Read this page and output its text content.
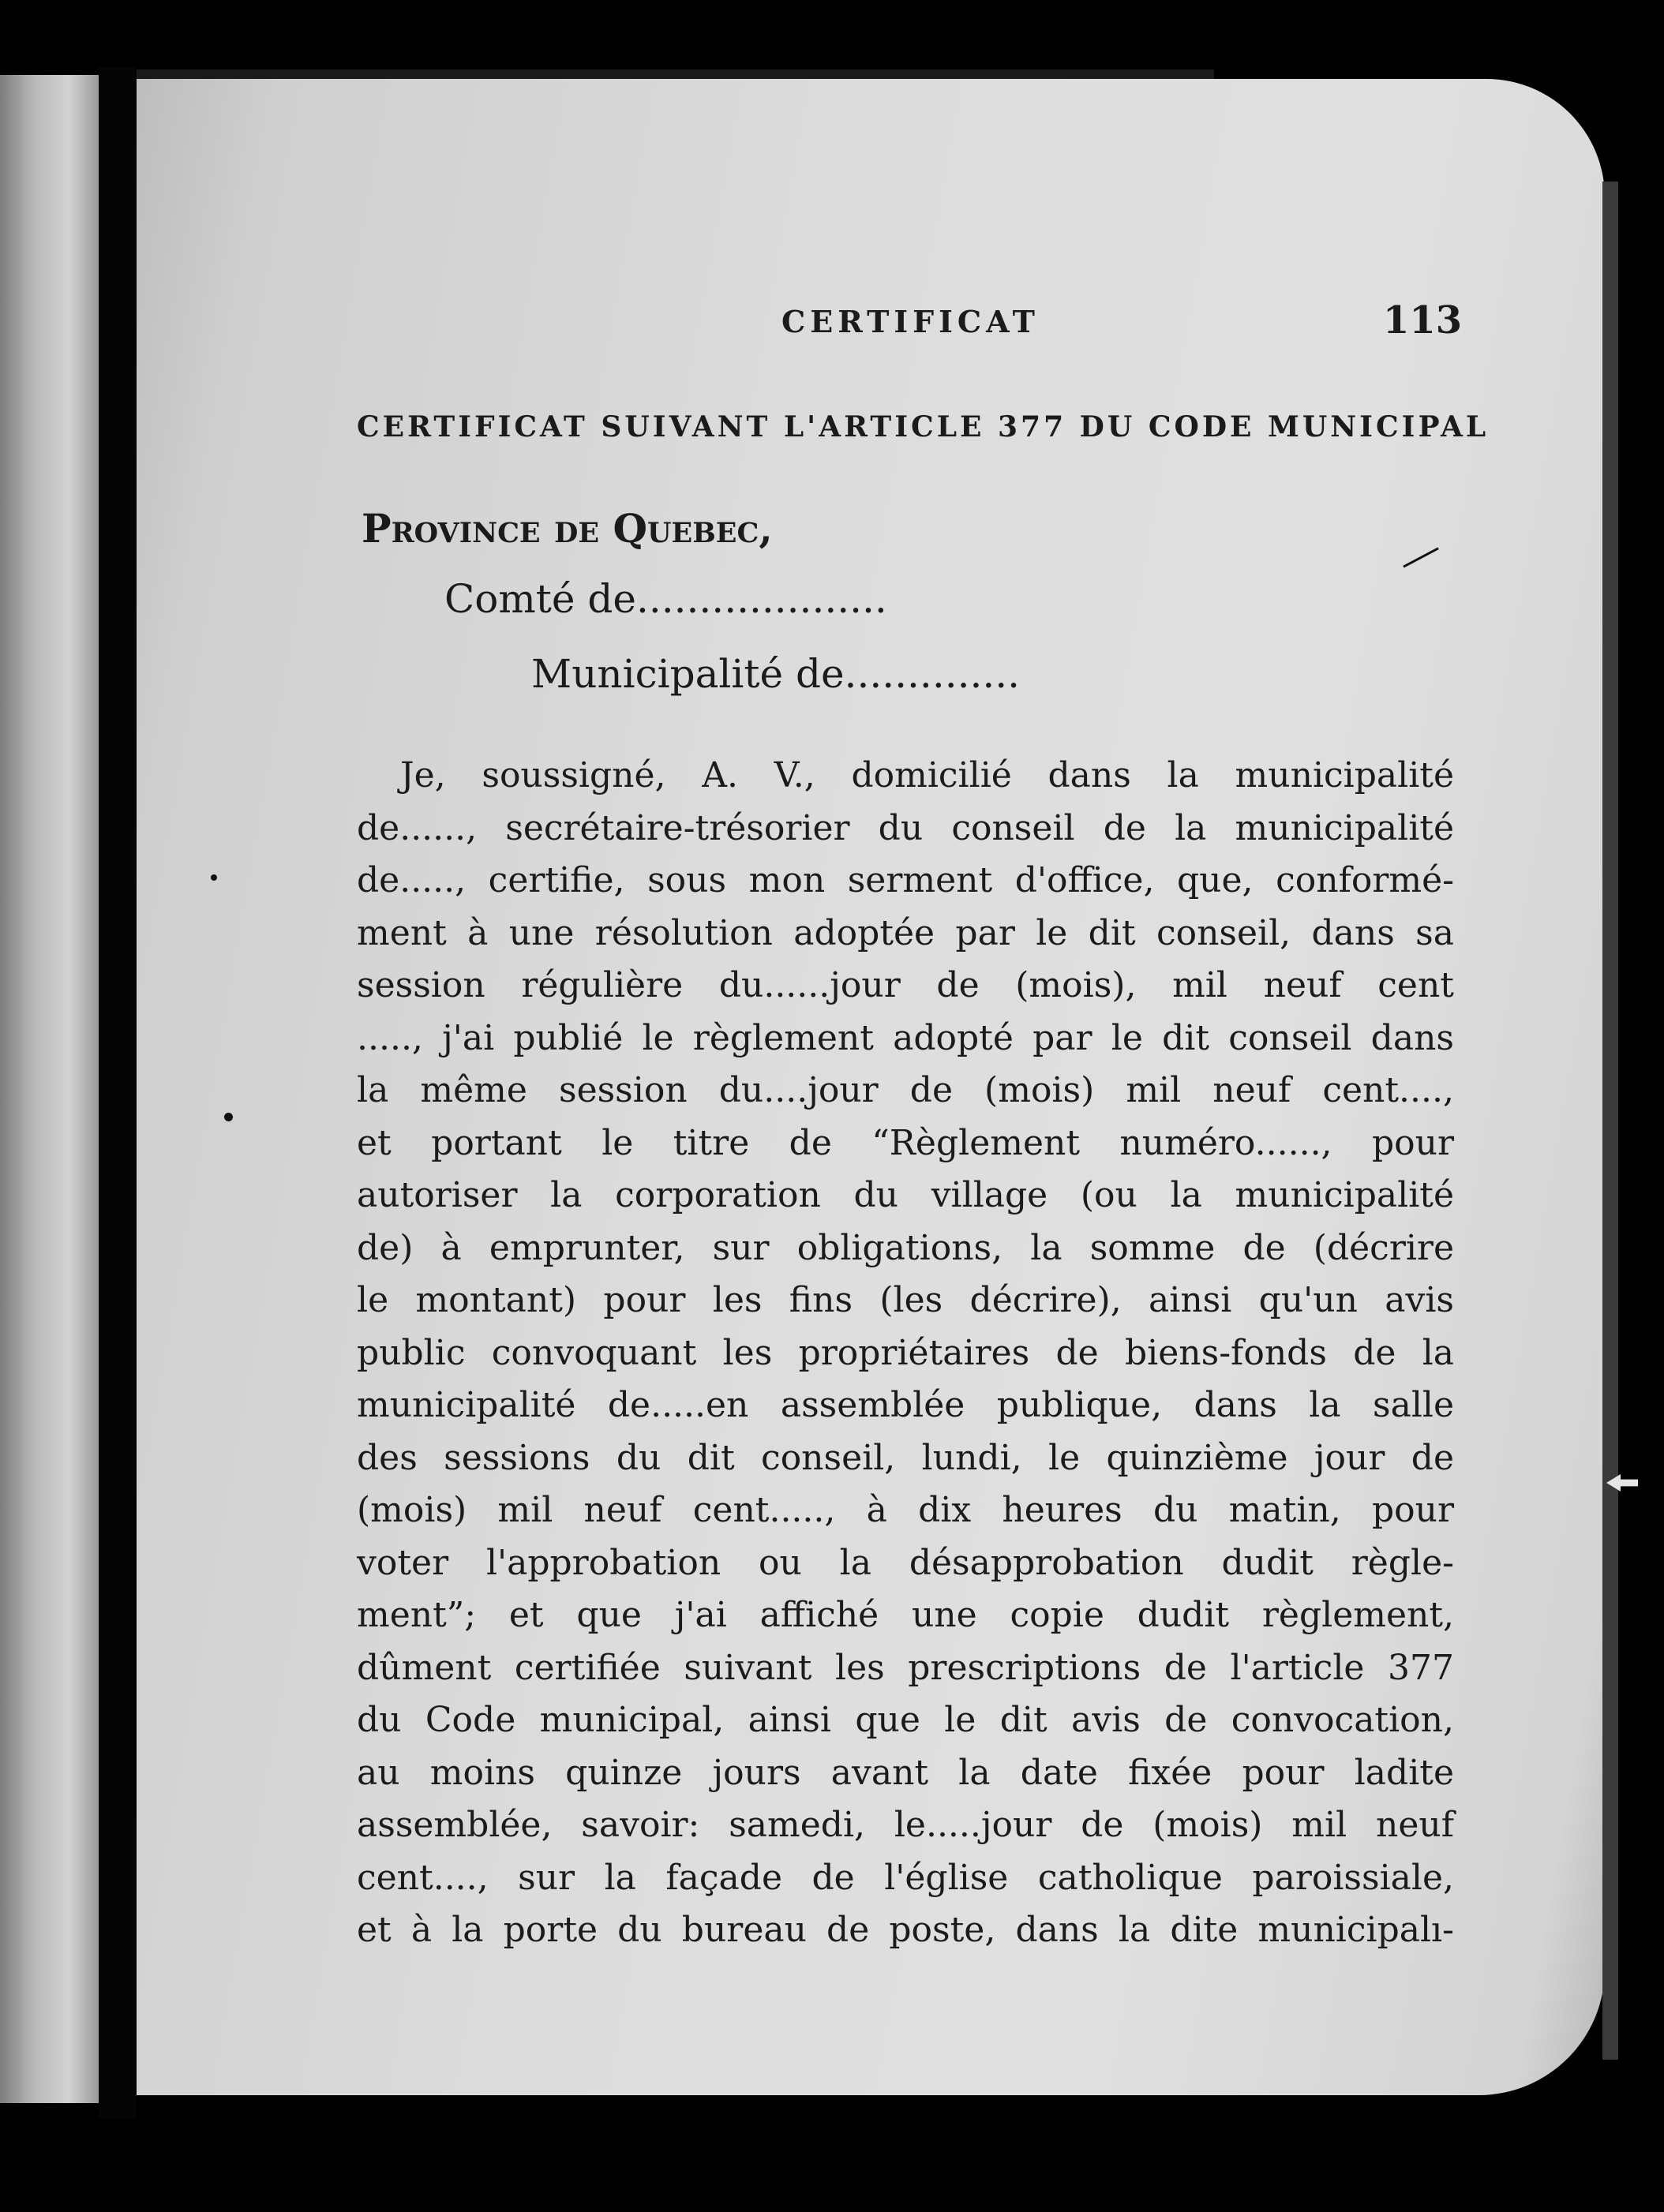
CERTIFICAT	113
CERTIFICAT SUIVANT L'ARTICLE 377 DU CODE MUNICIPAL
Province de Quebec,
Comté de....................
Municipalité de..............
Je, soussigné, A. V., domicilié dans la municipalité
de......, secrétaire-trésorier du conseil de la municipalité
de....., certifie, sous mon serment d'office, que, conformé-
ment à une résolution adoptée par le dit conseil, dans sa
session régulière du......jour de (mois), mil neuf cent
....., j'ai publié le règlement adopté par le dit conseil dans
la même session du....jour de (mois) mil neuf cent....,
et portant le titre de “Règlement numéro......, pour
autoriser la corporation du village (ou la municipalité
de) à emprunter, sur obligations, la somme de (décrire
le montant) pour les fins (les décrire), ainsi qu'un avis
public convoquant les propriétaires de biens-fonds de la
municipalité de.....en assemblée publique, dans la salle
des sessions du dit conseil, lundi, le quinzième jour de
(mois) mil neuf cent....., à dix heures du matin, pour
voter l'approbation ou la désapprobation dudit règle-
ment”; et que j'ai affiché une copie dudit règlement,
dûment certifiée suivant les prescriptions de l'article 377
du Code municipal, ainsi que le dit avis de convocation,
au moins quinze jours avant la date fixée pour ladite
assemblée, savoir: samedi, le.....jour de (mois) mil neuf
cent...., sur la façade de l'église catholique paroissiale,
et à la porte du bureau de poste, dans la dite municipalı-
